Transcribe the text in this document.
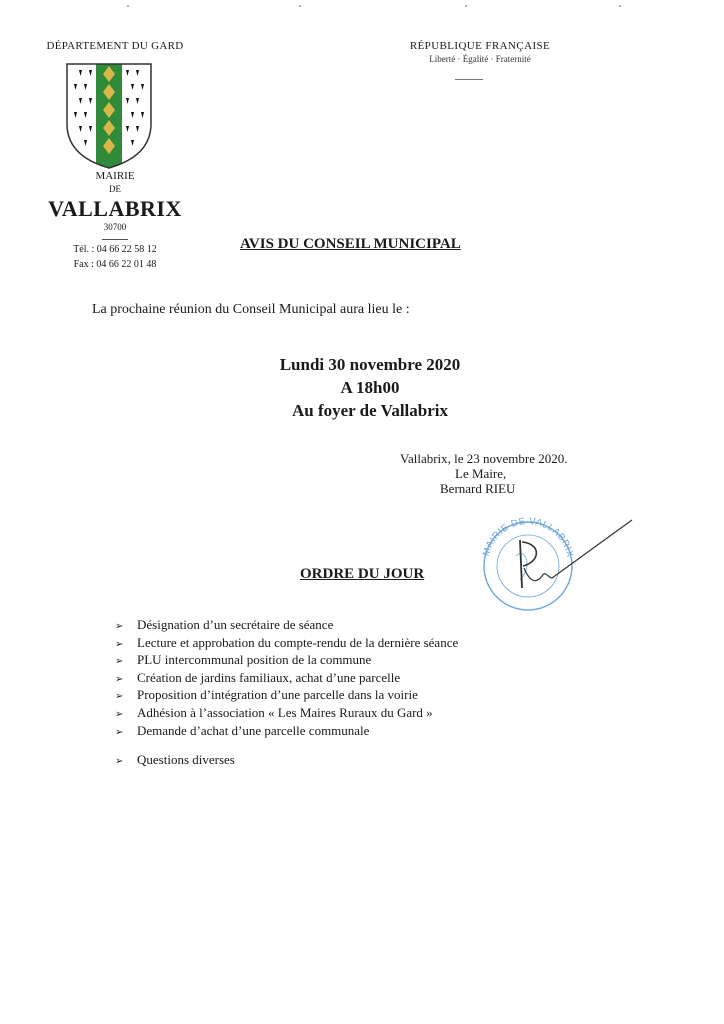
DÉPARTEMENT DU GARD	RÉPUBLIQUE FRANÇAISE
Liberté · Égalité · Fraternité
MAIRIE
DE
VALLABRIX
30700
Tél. : 04 66 22 58 12
Fax : 04 66 22 01 48
AVIS DU CONSEIL MUNICIPAL
La prochaine réunion du Conseil Municipal aura lieu le :
Lundi 30 novembre 2020
A 18h00
Au foyer de Vallabrix
Vallabrix, le 23 novembre 2020.
Le Maire,
Bernard RIEU
MAIRIE DE VALLABRIX
ORDRE DU JOUR
➢ Désignation d’un secrétaire de séance
➢ Lecture et approbation du compte-rendu de la dernière séance
➢ PLU intercommunal position de la commune
➢ Création de jardins familiaux, achat d’une parcelle
➢ Proposition d’intégration d’une parcelle dans la voirie
➢ Adhésion à l’association « Les Maires Ruraux du Gard »
➢ Demande d’achat d’une parcelle communale
➢ Questions diverses
